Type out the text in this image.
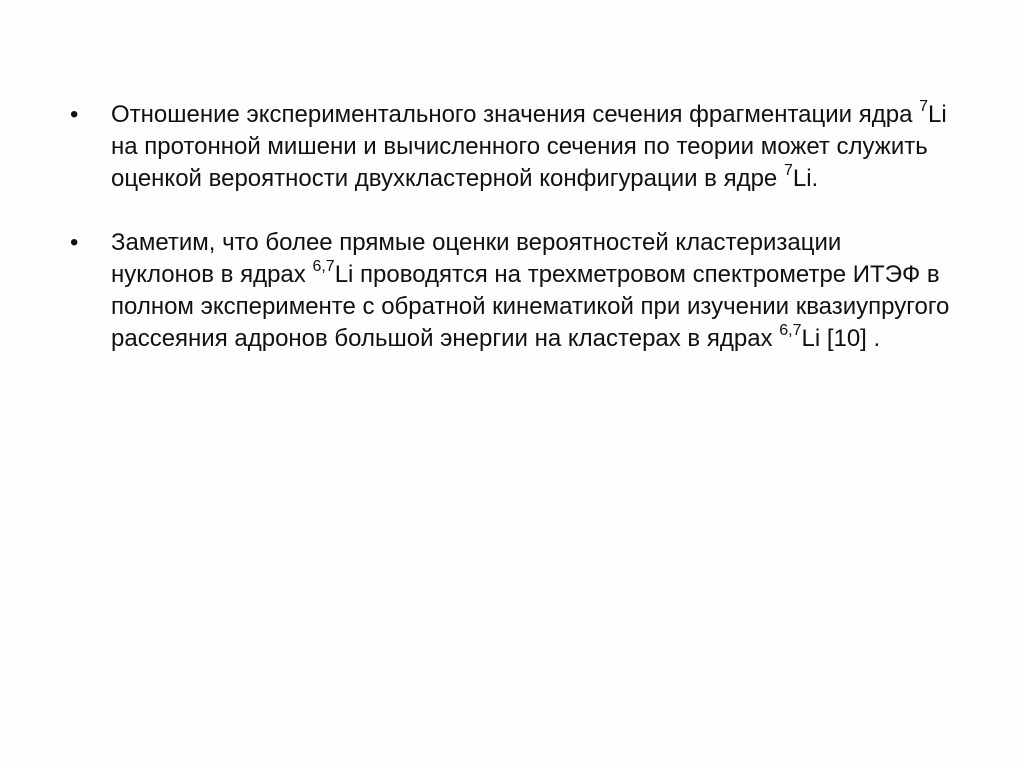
•	Отношение экспериментального значения сечения фрагментации ядра $^7$Li на протонной мишени и вычисленного сечения по теории может служить оценкой вероятности двухкластерной конфигурации в ядре $^7$Li.
•	Заметим, что более прямые оценки вероятностей кластеризации нуклонов в ядрах $^{6,7}$Li проводятся на трехметровом спектрометре ИТЭФ в полном эксперименте с обратной кинематикой при изучении квазиупругого рассеяния адронов большой энергии на кластерах в ядрах $^{6,7}$Li [10] .
